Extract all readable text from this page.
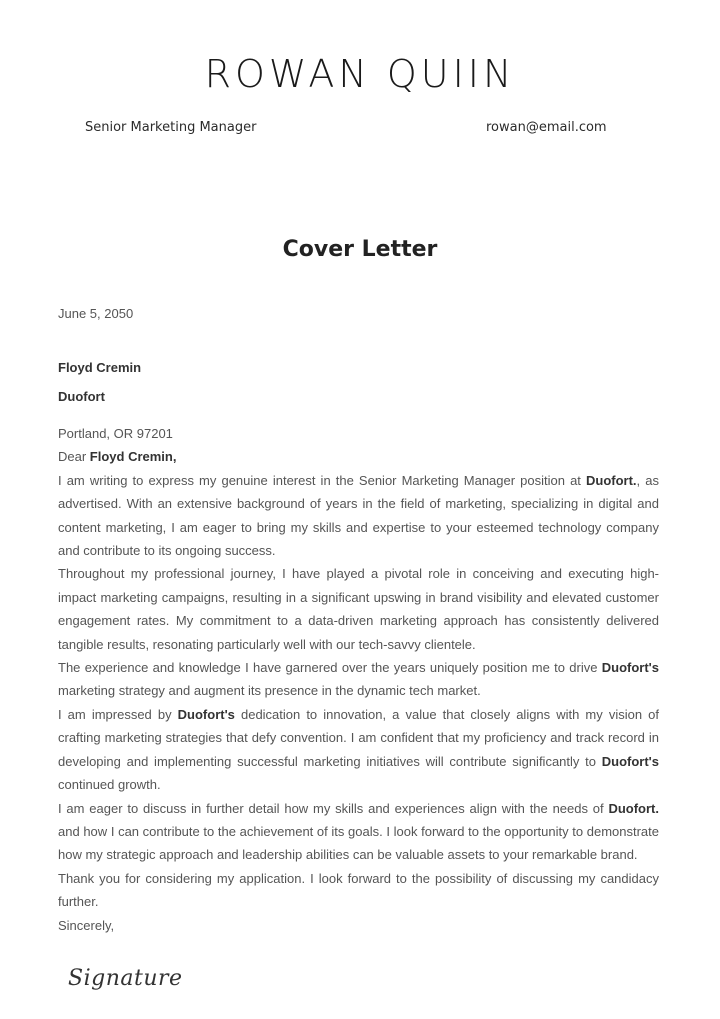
ROWAN QUIIN
Senior Marketing Manager	rowan@email.com
Cover Letter
June 5, 2050
Floyd Cremin
Duofort

Portland, OR 97201

Dear Floyd Cremin,

I am writing to express my genuine interest in the Senior Marketing Manager position at Duofort., as advertised. With an extensive background of years in the field of marketing, specializing in digital and content marketing, I am eager to bring my skills and expertise to your esteemed technology company and contribute to its ongoing success.

Throughout my professional journey, I have played a pivotal role in conceiving and executing high-impact marketing campaigns, resulting in a significant upswing in brand visibility and elevated customer engagement rates. My commitment to a data-driven marketing approach has consistently delivered tangible results, resonating particularly well with our tech-savvy clientele.

The experience and knowledge I have garnered over the years uniquely position me to drive Duofort's marketing strategy and augment its presence in the dynamic tech market.

I am impressed by Duofort's dedication to innovation, a value that closely aligns with my vision of crafting marketing strategies that defy convention. I am confident that my proficiency and track record in developing and implementing successful marketing initiatives will contribute significantly to Duofort's continued growth.

I am eager to discuss in further detail how my skills and experiences align with the needs of Duofort. and how I can contribute to the achievement of its goals. I look forward to the opportunity to demonstrate how my strategic approach and leadership abilities can be valuable assets to your remarkable brand.

Thank you for considering my application. I look forward to the possibility of discussing my candidacy further.

Sincerely,

Signature
